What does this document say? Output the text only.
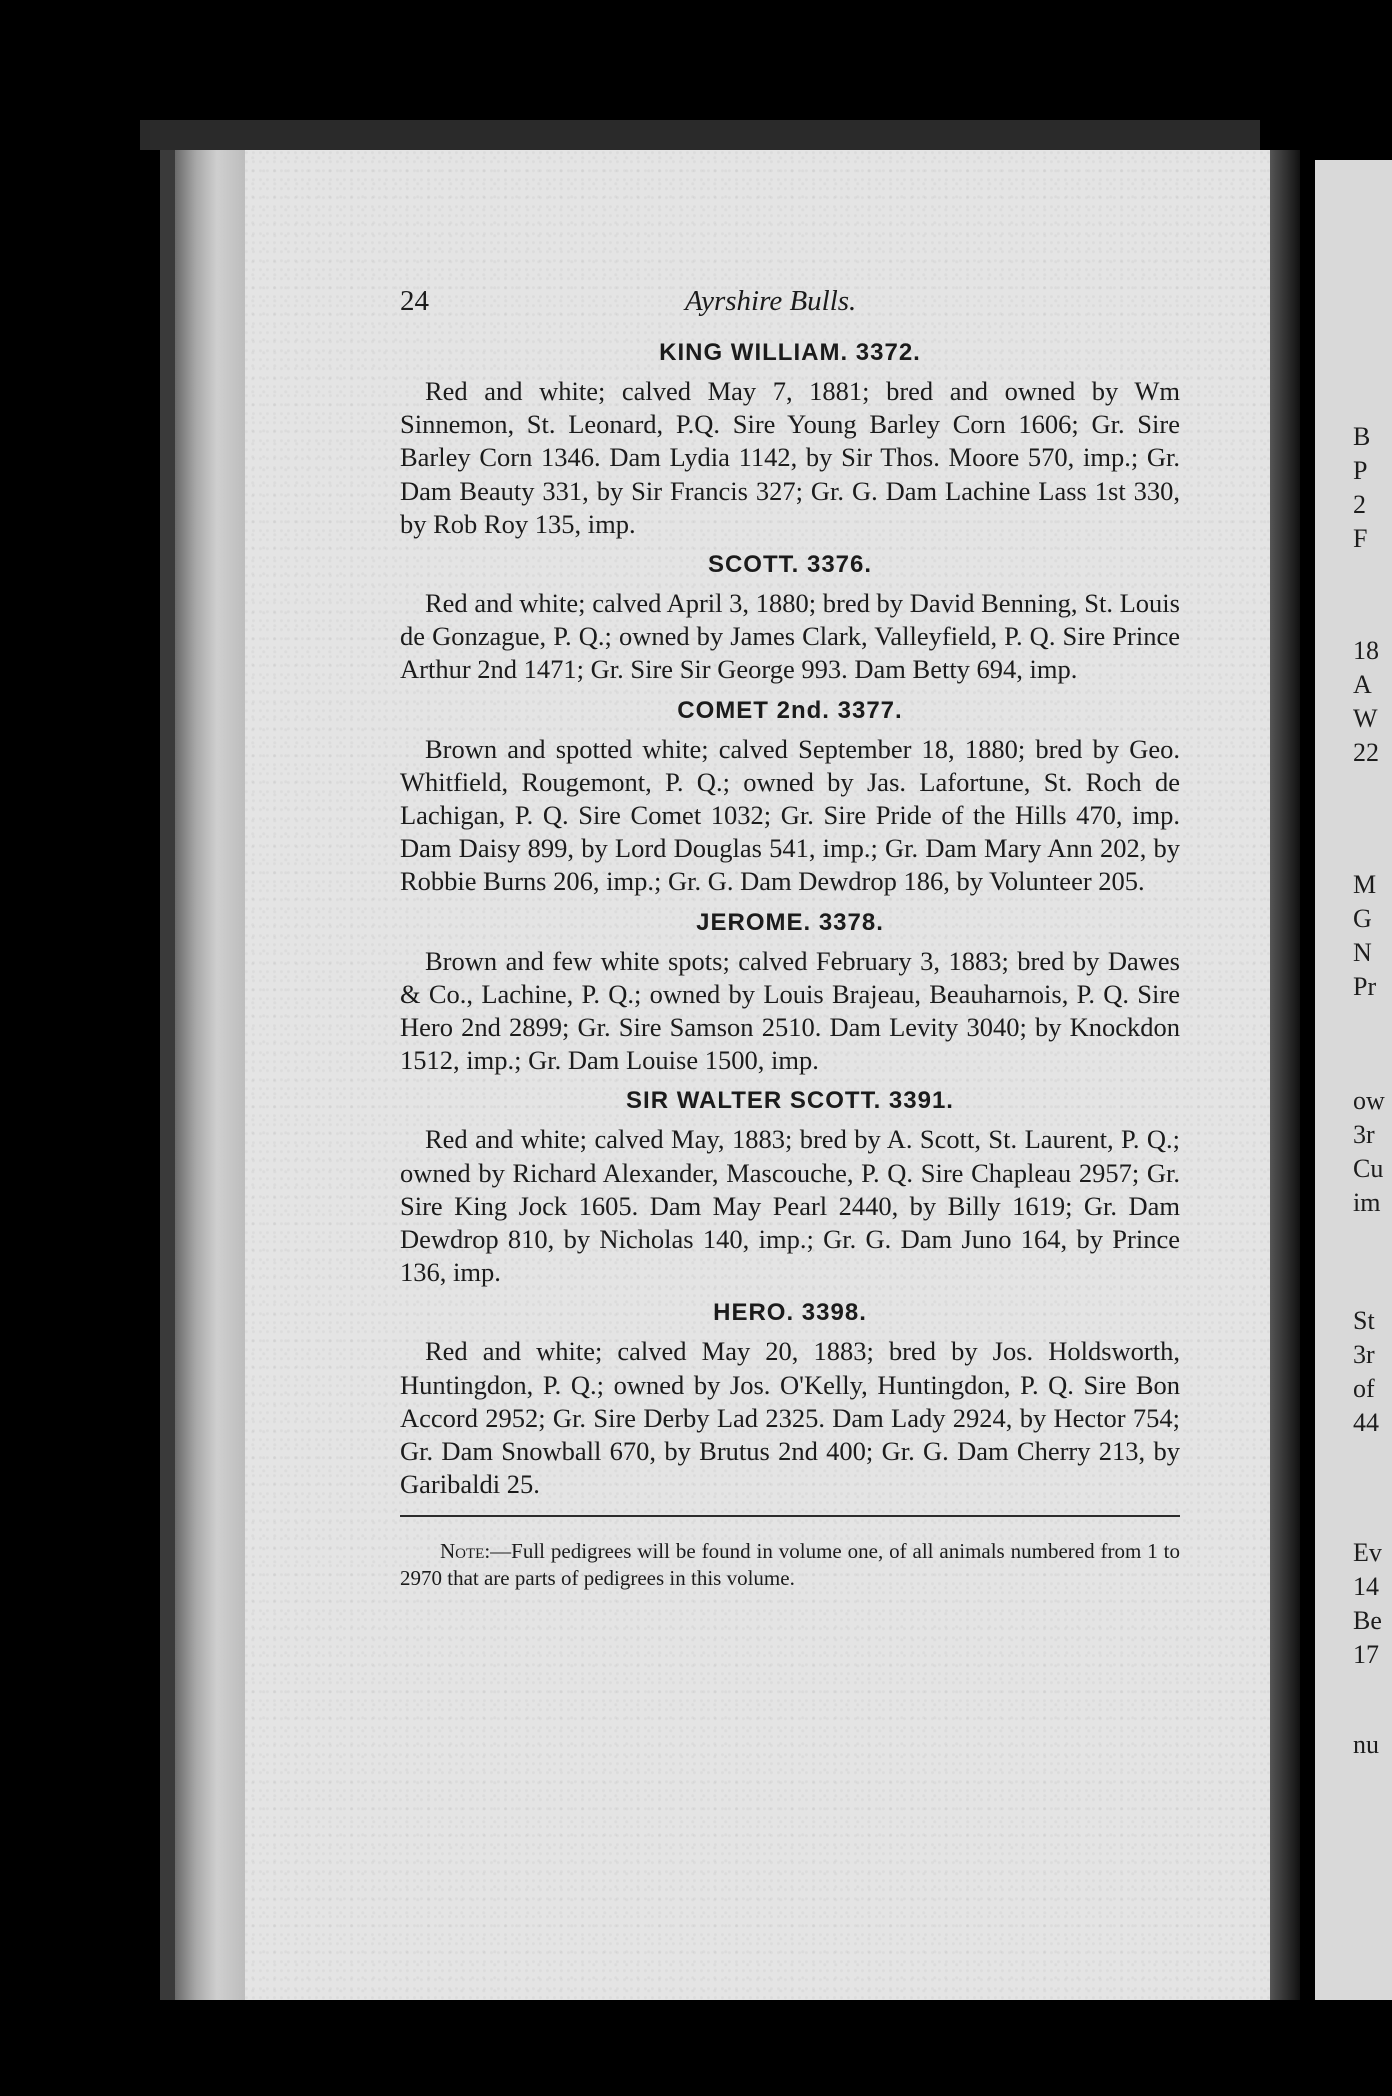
B
P
2
F
18
A
W
22
M
G
N
Pr
ow
3r
Cu
im
St
3r
of
44
Ev
14
Be
17
nu
24	Ayrshire Bulls.
KING WILLIAM. 3372.

Red and white; calved May 7, 1881; bred and owned by Wm Sinnemon, St. Leonard, P.Q. Sire Young Barley Corn 1606; Gr. Sire Barley Corn 1346. Dam Lydia 1142, by Sir Thos. Moore 570, imp.; Gr. Dam Beauty 331, by Sir Francis 327; Gr. G. Dam Lachine Lass 1st 330, by Rob Roy 135, imp.

SCOTT. 3376.

Red and white; calved April 3, 1880; bred by David Benning, St. Louis de Gonzague, P. Q.; owned by James Clark, Valleyfield, P. Q. Sire Prince Arthur 2nd 1471; Gr. Sire Sir George 993. Dam Betty 694, imp.

COMET 2nd. 3377.

Brown and spotted white; calved September 18, 1880; bred by Geo. Whitfield, Rougemont, P. Q.; owned by Jas. Lafortune, St. Roch de Lachigan, P. Q. Sire Comet 1032; Gr. Sire Pride of the Hills 470, imp. Dam Daisy 899, by Lord Douglas 541, imp.; Gr. Dam Mary Ann 202, by Robbie Burns 206, imp.; Gr. G. Dam Dewdrop 186, by Volunteer 205.

JEROME. 3378.

Brown and few white spots; calved February 3, 1883; bred by Dawes & Co., Lachine, P. Q.; owned by Louis Brajeau, Beauharnois, P. Q. Sire Hero 2nd 2899; Gr. Sire Samson 2510. Dam Levity 3040; by Knockdon 1512, imp.; Gr. Dam Louise 1500, imp.

SIR WALTER SCOTT. 3391.

Red and white; calved May, 1883; bred by A. Scott, St. Laurent, P. Q.; owned by Richard Alexander, Mascouche, P. Q. Sire Chapleau 2957; Gr. Sire King Jock 1605. Dam May Pearl 2440, by Billy 1619; Gr. Dam Dewdrop 810, by Nicholas 140, imp.; Gr. G. Dam Juno 164, by Prince 136, imp.

HERO. 3398.

Red and white; calved May 20, 1883; bred by Jos. Holdsworth, Huntingdon, P. Q.; owned by Jos. O'Kelly, Huntingdon, P. Q. Sire Bon Accord 2952; Gr. Sire Derby Lad 2325. Dam Lady 2924, by Hector 754; Gr. Dam Snowball 670, by Brutus 2nd 400; Gr. G. Dam Cherry 213, by Garibaldi 25.

Note:—Full pedigrees will be found in volume one, of all animals numbered from 1 to 2970 that are parts of pedigrees in this volume.
